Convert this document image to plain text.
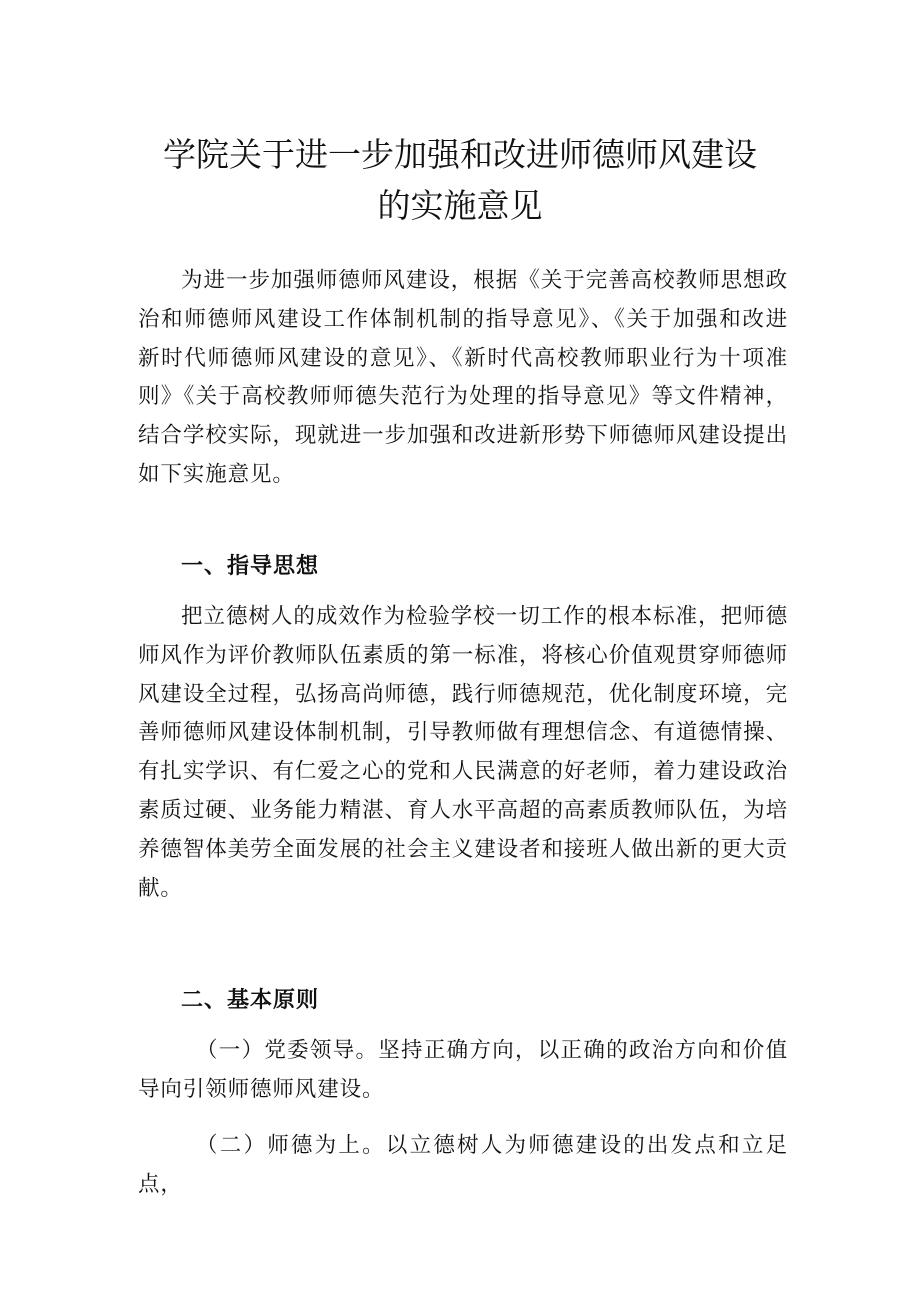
学院关于进一步加强和改进师德师风建设
的实施意见

为进一步加强师德师风建设，根据《关于完善高校教师思想政治和师德师风建设工作体制机制的指导意见》、《关于加强和改进新时代师德师风建设的意见》、《新时代高校教师职业行为十项准则》《关于高校教师师德失范行为处理的指导意见》等文件精神，结合学校实际，现就进一步加强和改进新形势下师德师风建设提出如下实施意见。

一、指导思想

把立德树人的成效作为检验学校一切工作的根本标准，把师德师风作为评价教师队伍素质的第一标准，将核心价值观贯穿师德师风建设全过程，弘扬高尚师德，践行师德规范，优化制度环境，完善师德师风建设体制机制，引导教师做有理想信念、有道德情操、有扎实学识、有仁爱之心的党和人民满意的好老师，着力建设政治素质过硬、业务能力精湛、育人水平高超的高素质教师队伍，为培养德智体美劳全面发展的社会主义建设者和接班人做出新的更大贡献。

二、基本原则

（一）党委领导。坚持正确方向，以正确的政治方向和价值导向引领师德师风建设。

（二）师德为上。以立德树人为师德建设的出发点和立足点，
